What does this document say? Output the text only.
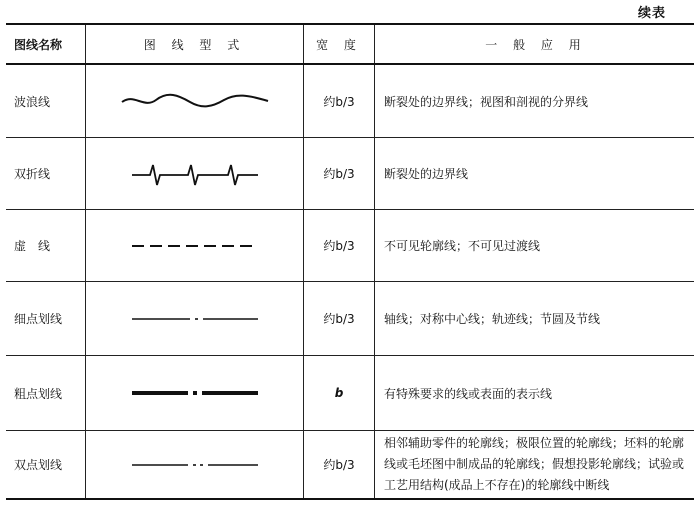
续表
图线名称	图 线 型 式	宽 度	一 般 应 用
波浪线		约b/3	断裂处的边界线；视图和剖视的分界线
双折线		约b/3	断裂处的边界线
虚　线		约b/3	不可见轮廓线；不可见过渡线
细点划线		约b/3	轴线；对称中心线；轨迹线；节圆及节线
粗点划线		b	有特殊要求的线或表面的表示线
双点划线		约b/3	相邻辅助零件的轮廓线；极限位置的轮廓线；坯料的轮廓线或毛坯图中制成品的轮廓线；假想投影轮廓线；试验或工艺用结构(成品上不存在)的轮廓线中断线
